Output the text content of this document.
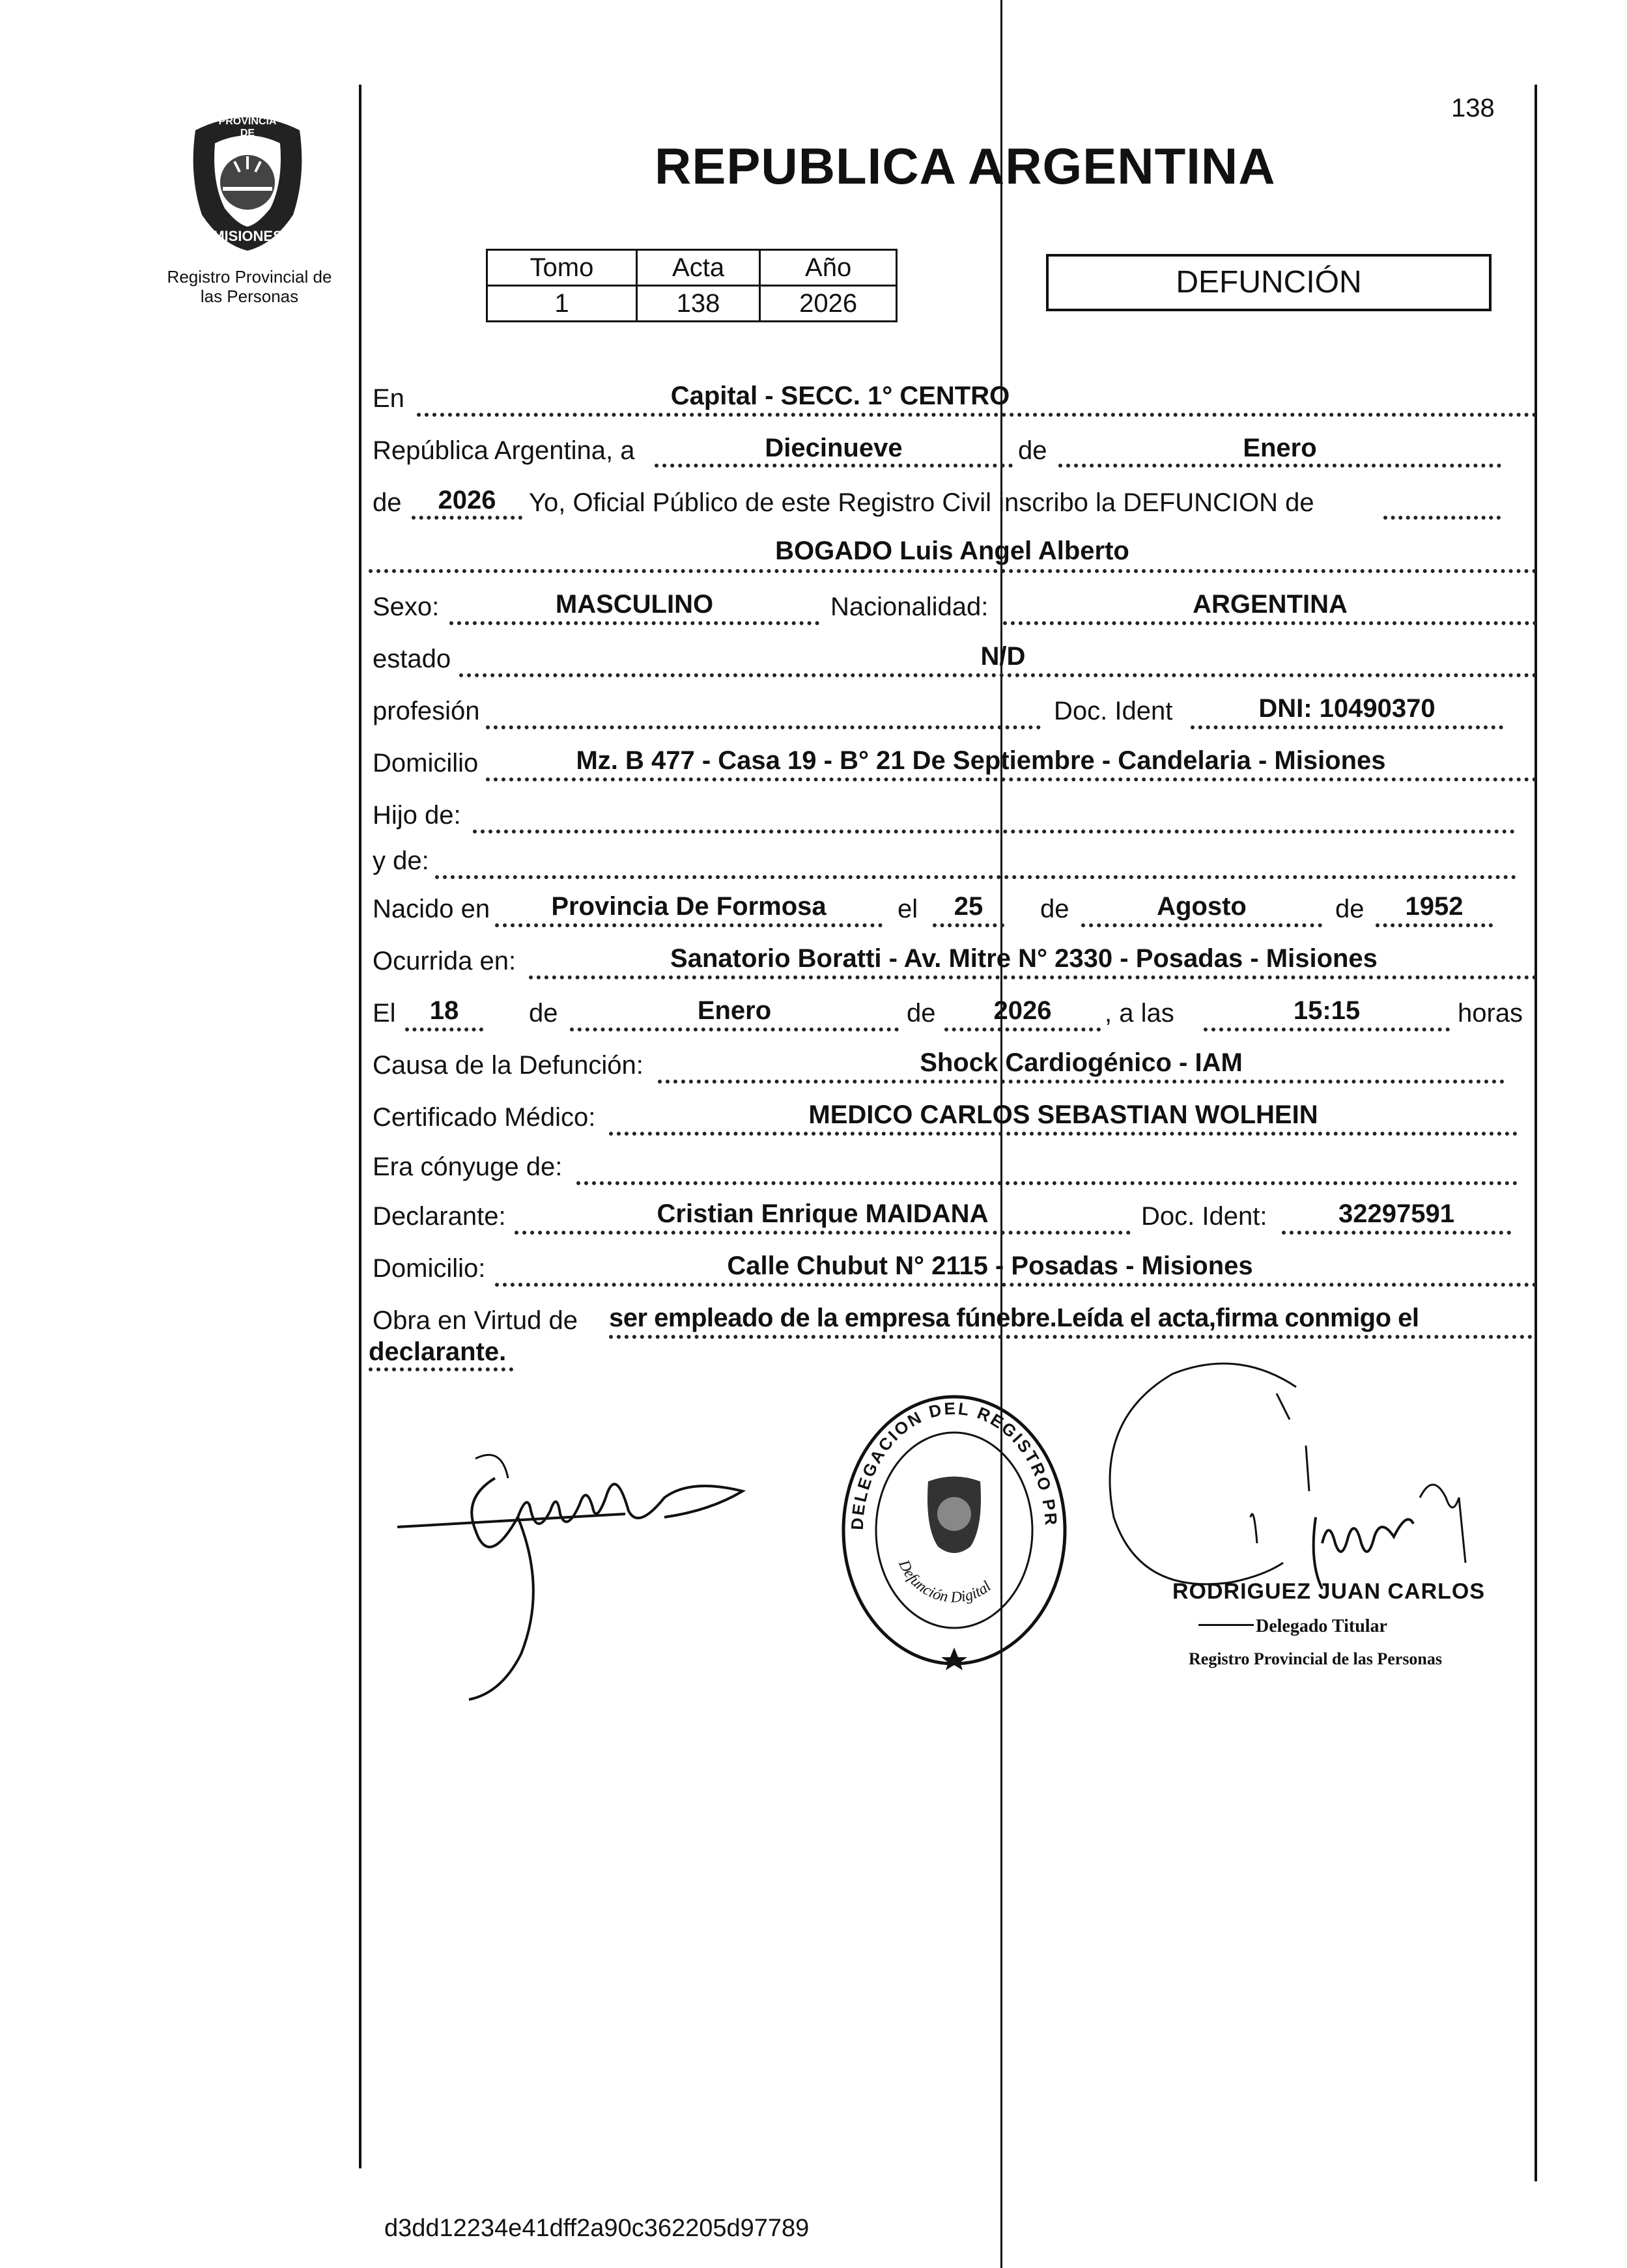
PROVINCIA DE
MISIONES
Registro Provincial de
las Personas
138
REPUBLICA ARGENTINA
Tomo	Acta	Año
1	138	2026
DEFUNCIÓN
En	Capital - SECC. 1° CENTRO
República Argentina, a	Diecinueve	de	Enero
de	2026	Yo, Oficial Público de este Registro Civil inscribo la DEFUNCION de
BOGADO Luis Angel Alberto
Sexo:	MASCULINO	Nacionalidad:	ARGENTINA
estado	N/D
profesión	Doc. Ident	DNI: 10490370
Domicilio	Mz. B 477 - Casa 19 - B° 21 De Septiembre - Candelaria - Misiones
Hijo de:
y de:
Nacido en	Provincia De Formosa	el	25	de	Agosto	de	1952
Ocurrida en:	Sanatorio Boratti - Av. Mitre N° 2330 - Posadas - Misiones
El	18	de	Enero	de	2026	, a las	15:15	horas
Causa de la Defunción:	Shock Cardiogénico - IAM
Certificado Médico:	MEDICO CARLOS SEBASTIAN WOLHEIN
Era cónyuge de:
Declarante:	Cristian Enrique MAIDANA	Doc. Ident:	32297591
Domicilio:	Calle Chubut N° 2115 - Posadas - Misiones
Obra en Virtud de ser empleado de la empresa fúnebre.Leída el acta,firma conmigo el
declarante.
DELEGACION DEL REGISTRO PR
Defunción Digital	RODRIGUEZ JUAN CARLOS
Delegado Titular
Registro Provincial de las Personas
d3dd12234e41dff2a90c362205d97789
